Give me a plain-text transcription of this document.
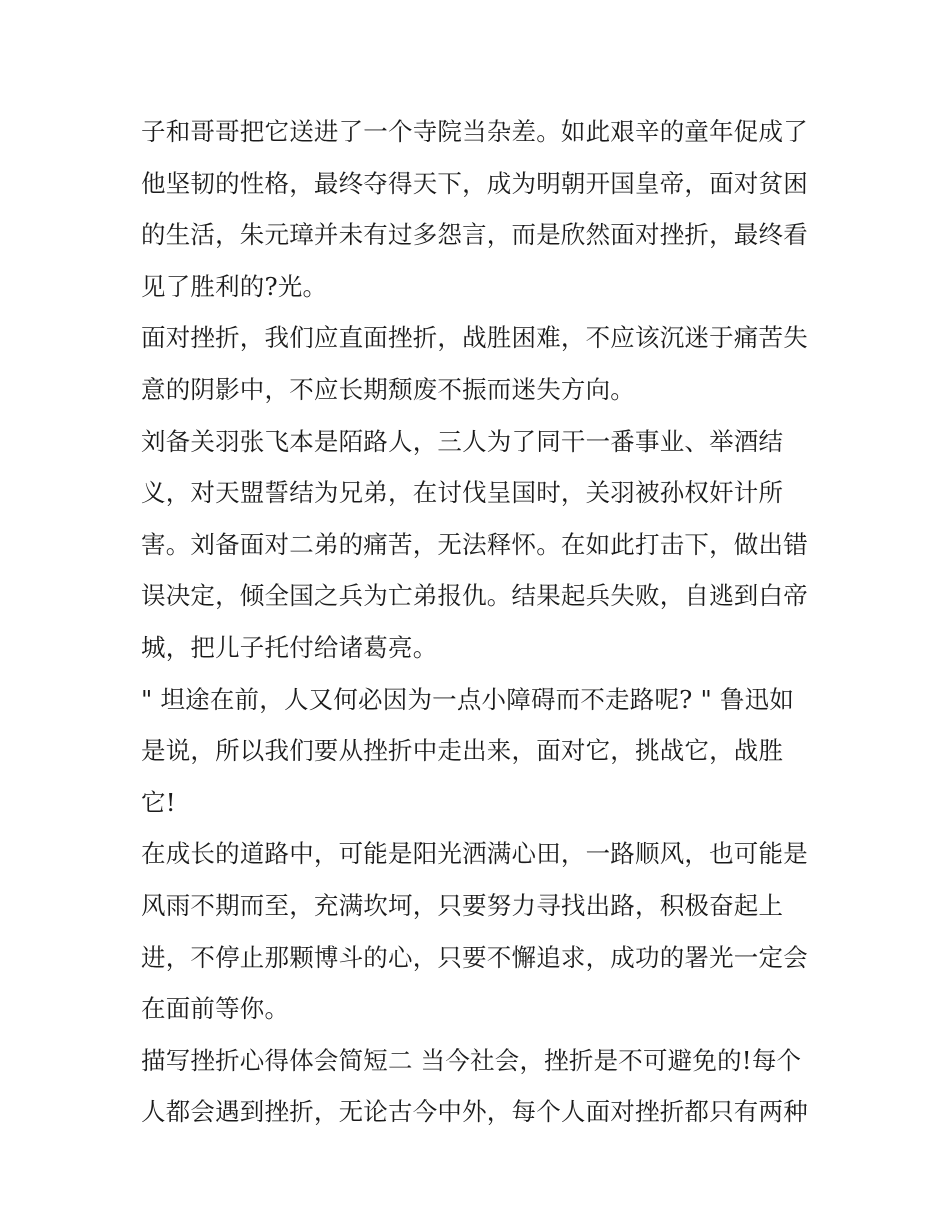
子和哥哥把它送进了一个寺院当杂差。如此艰辛的童年促成了
他坚韧的性格，最终夺得天下，成为明朝开国皇帝，面对贫困
的生活，朱元璋并未有过多怨言，而是欣然面对挫折，最终看
见了胜利的?光。
面对挫折，我们应直面挫折，战胜困难，不应该沉迷于痛苦失
意的阴影中，不应长期颓废不振而迷失方向。
刘备关羽张飞本是陌路人，三人为了同干一番事业、举酒结
义，对天盟誓结为兄弟，在讨伐呈国时，关羽被孙权奸计所
害。刘备面对二弟的痛苦，无法释怀。在如此打击下，做出错
误决定，倾全国之兵为亡弟报仇。结果起兵失败，自逃到白帝
城，把儿子托付给诸葛亮。
" 坦途在前，人又何必因为一点小障碍而不走路呢? " 鲁迅如
是说，所以我们要从挫折中走出来，面对它，挑战它，战胜
它!
在成长的道路中，可能是阳光洒满心田，一路顺风，也可能是
风雨不期而至，充满坎坷，只要努力寻找出路，积极奋起上
进，不停止那颗博斗的心，只要不懈追求，成功的署光一定会
在面前等你。
描写挫折心得体会简短二 当今社会，挫折是不可避免的!每个
人都会遇到挫折，无论古今中外，每个人面对挫折都只有两种
